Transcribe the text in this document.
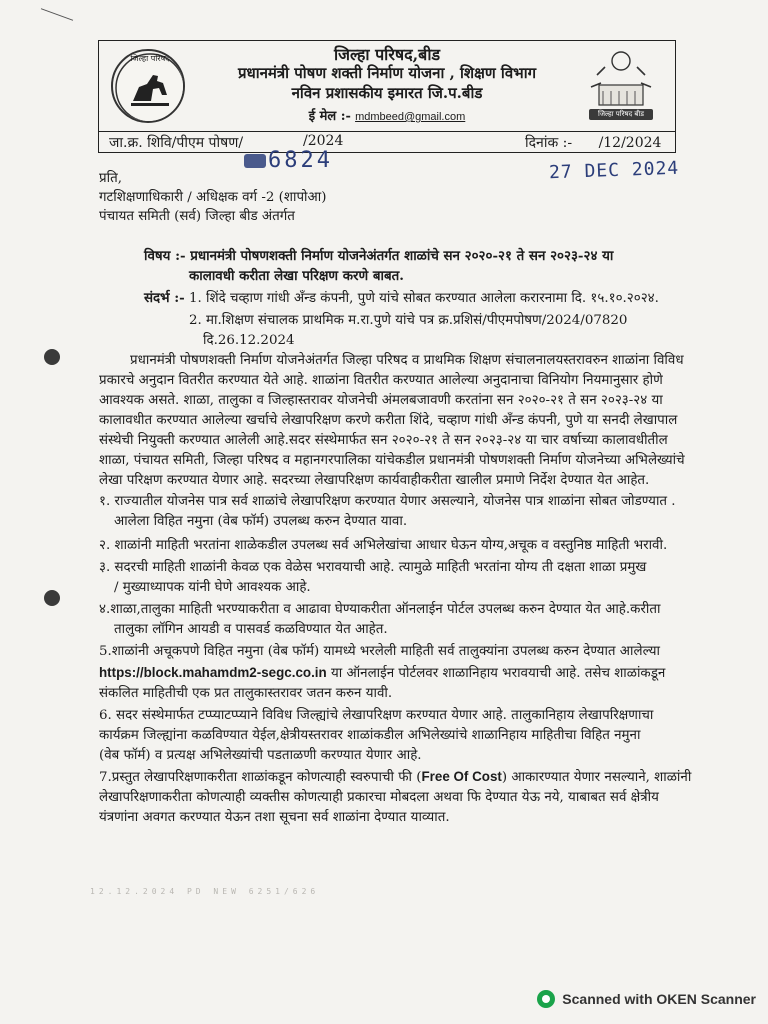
जिल्हा परिषद	जिल्हा परिषद,बीड
प्रधानमंत्री पोषण शक्ती निर्माण योजना , शिक्षण विभाग
नविन प्रशासकीय इमारत जि.प.बीड
ई मेल :- mdmbeed@gmail.com	जिल्हा परिषद बीड
जा.क्र. शिवि/पीएम पोषण/	/2024	दिनांक :- /12/2024
6824	27 DEC 2024
प्रति,
गटशिक्षणाधिकारी / अधिक्षक वर्ग -2 (शापोआ)
पंचायत समिती (सर्व) जिल्हा बीड अंतर्गत
विषय :- प्रधानमंत्री पोषणशक्ती निर्माण योजनेअंतर्गत शाळांचे सन २०२०-२१ ते सन २०२३-२४ या
कालावधी करीता लेखा परिक्षण करणे बाबत.
संदर्भ :- 1. शिंदे चव्हाण गांधी अँन्ड कंपनी, पुणे यांचे सोबत करण्यात आलेला करारनामा दि. १५.१०.२०२४.
2. मा.शिक्षण संचालक प्राथमिक म.रा.पुणे यांचे पत्र क्र.प्रशिसं/पीएमपोषण/2024/07820
दि.26.12.2024
प्रधानमंत्री पोषणशक्ती निर्माण योजनेअंतर्गत जिल्हा परिषद व प्राथमिक शिक्षण संचालनालयस्तरावरुन शाळांना विविध
प्रकारचे अनुदान वितरीत करण्यात येते आहे. शाळांना वितरीत करण्यात आलेल्या अनुदानाचा विनियोग नियमानुसार होणे
आवश्यक असते. शाळा, तालुका व जिल्हास्तरावर योजनेची अंमलबजावणी करतांना सन २०२०-२१ ते सन २०२३-२४ या
कालावधीत करण्यात आलेल्या खर्चाचे लेखापरिक्षण करणे करीता शिंदे, चव्हाण गांधी अँन्ड कंपनी, पुणे या सनदी लेखापाल
संस्थेची नियुक्ती करण्यात आलेली आहे.सदर संस्थेमार्फत सन २०२०-२१ ते सन २०२३-२४ या चार वर्षाच्या कालावधीतील
शाळा, पंचायत समिती, जिल्हा परिषद व महानगरपालिका यांचेकडील प्रधानमंत्री पोषणशक्ती निर्माण योजनेच्या अभिलेख्यांचे
लेखा परिक्षण करण्यात येणार आहे. सदरच्या लेखापरिक्षण कार्यवाहीकरीता खालील प्रमाणे निर्देश देण्यात येत आहेत.
१. राज्यातील योजनेस पात्र सर्व शाळांचे लेखापरिक्षण करण्यात येणार असल्याने, योजनेस पात्र शाळांना सोबत जोडण्यात .
आलेला विहित नमुना (वेब फॉर्म) उपलब्ध करुन देण्यात यावा.
२. शाळांनी माहिती भरतांना शाळेकडील उपलब्ध सर्व अभिलेखांचा आधार घेऊन योग्य,अचूक व वस्तुनिष्ठ माहिती भरावी.
३. सदरची माहिती शाळांनी केवळ एक वेळेस भरावयाची आहे. त्यामुळे माहिती भरतांना योग्य ती दक्षता शाळा प्रमुख
/ मुख्याध्यापक यांनी घेणे आवश्यक आहे.
४.शाळा,तालुका माहिती भरण्याकरीता व आढावा घेण्याकरीता ऑनलाईन पोर्टल उपलब्ध करुन देण्यात येत आहे.करीता
तालुका लॉगिन आयडी व पासवर्ड कळविण्यात येत आहेत.
5.शाळांनी अचूकपणे विहित नमुना (वेब फॉर्म) यामध्ये भरलेली माहिती सर्व तालुक्यांना उपलब्ध करुन देण्यात आलेल्या
https://block.mahamdm2-segc.co.in या ऑनलाईन पोर्टलवर शाळानिहाय भरावयाची आहे. तसेच शाळांकडून
संकलित माहितीची एक प्रत तालुकास्तरावर जतन करुन यावी.
6. सदर संस्थेमार्फत टप्प्याटप्प्याने विविध जिल्ह्यांचे लेखापरिक्षण करण्यात येणार आहे. तालुकानिहाय लेखापरिक्षणाचा
कार्यक्रम जिल्ह्यांना कळविण्यात येईल,क्षेत्रीयस्तरावर शाळांकडील अभिलेख्यांचे शाळानिहाय माहितीचा विहित नमुना
(वेब फॉर्म) व प्रत्यक्ष अभिलेख्यांची पडताळणी करण्यात येणार आहे.
7.प्रस्तुत लेखापरिक्षणाकरीता शाळांकडून कोणत्याही स्वरुपाची फी (Free Of Cost) आकारण्यात येणार नसल्याने, शाळांनी
लेखापरिक्षणाकरीता कोणत्याही व्यक्तीस कोणत्याही प्रकारचा मोबदला अथवा फि देण्यात येऊ नये, याबाबत सर्व क्षेत्रीय
यंत्रणांना अवगत करण्यात येऊन तशा सूचना सर्व शाळांना देण्यात याव्यात.
12.12.2024 PD NEW 6251/626
Scanned with OKEN Scanner
